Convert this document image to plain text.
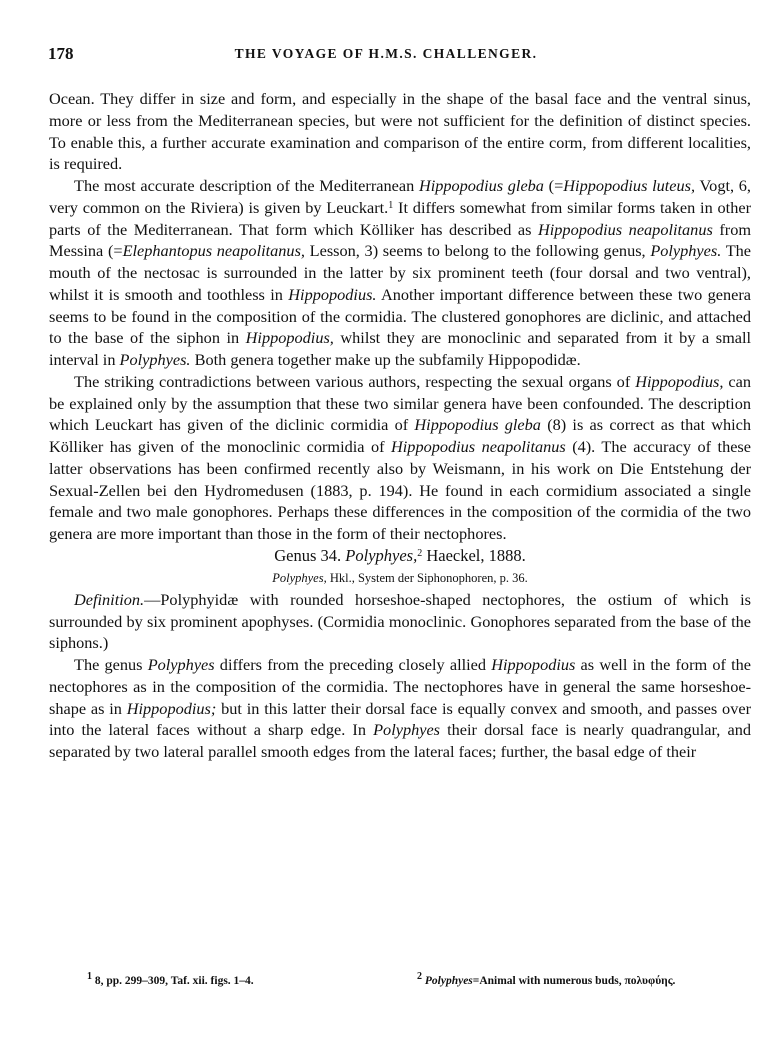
178	THE VOYAGE OF H.M.S. CHALLENGER.

Ocean. They differ in size and form, and especially in the shape of the basal face and the ventral sinus, more or less from the Mediterranean species, but were not sufficient for the definition of distinct species. To enable this, a further accurate examination and comparison of the entire corm, from different localities, is required.

The most accurate description of the Mediterranean Hippopodius gleba (=Hippopodius luteus, Vogt, 6, very common on the Riviera) is given by Leuckart.$^1$ It differs somewhat from similar forms taken in other parts of the Mediterranean. That form which Kölliker has described as Hippopodius neapolitanus from Messina (=Elephantopus neapolitanus, Lesson, 3) seems to belong to the following genus, Polyphyes. The mouth of the nectosac is surrounded in the latter by six prominent teeth (four dorsal and two ventral), whilst it is smooth and toothless in Hippopodius. Another important difference between these two genera seems to be found in the composition of the cormidia. The clustered gonophores are diclinic, and attached to the base of the siphon in Hippopodius, whilst they are monoclinic and separated from it by a small interval in Polyphyes. Both genera together make up the subfamily Hippopodidæ.

The striking contradictions between various authors, respecting the sexual organs of Hippopodius, can be explained only by the assumption that these two similar genera have been confounded. The description which Leuckart has given of the diclinic cormidia of Hippopodius gleba (8) is as correct as that which Kölliker has given of the monoclinic cormidia of Hippopodius neapolitanus (4). The accuracy of these latter observations has been confirmed recently also by Weismann, in his work on Die Entstehung der Sexual-Zellen bei den Hydromedusen (1883, p. 194). He found in each cormidium associated a single female and two male gonophores. Perhaps these differences in the composition of the cormidia of the two genera are more important than those in the form of their nectophores.

Genus 34. Polyphyes,$^2$ Haeckel, 1888.

Polyphyes, Hkl., System der Siphonophoren, p. 36.

Definition.—Polyphyidæ with rounded horseshoe-shaped nectophores, the ostium of which is surrounded by six prominent apophyses. (Cormidia monoclinic. Gonophores separated from the base of the siphons.)

The genus Polyphyes differs from the preceding closely allied Hippopodius as well in the form of the nectophores as in the composition of the cormidia. The nectophores have in general the same horseshoe-shape as in Hippopodius; but in this latter their dorsal face is equally convex and smooth, and passes over into the lateral faces without a sharp edge. In Polyphyes their dorsal face is nearly quadrangular, and separated by two lateral parallel smooth edges from the lateral faces; further, the basal edge of their

$^1$ 8, pp. 299–309, Taf. xii. figs. 1–4.	$^2$ Polyphyes=Animal with numerous buds, πολυφύης.
